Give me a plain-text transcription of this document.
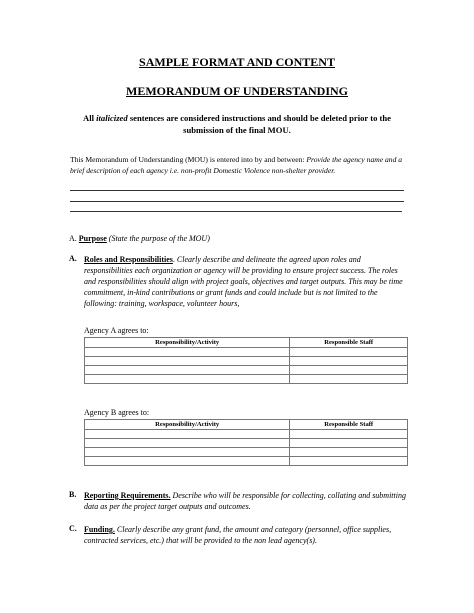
SAMPLE FORMAT AND CONTENT
MEMORANDUM OF UNDERSTANDING
All italicized sentences are considered instructions and should be deleted prior to the submission of the final MOU.
This Memorandum of Understanding (MOU) is entered into by and between: Provide the agency name and a brief description of each agency i.e. non-profit Domestic Violence non-shelter provider.
A. Purpose (State the purpose of the MOU)
A. Roles and Responsibilities. Clearly describe and delineate the agreed upon roles and responsibilities each organization or agency will be providing to ensure project success. The roles and responsibilities should align with project goals, objectives and target outputs. This may be time commitment, in-kind contributions or grant funds and could include but is not limited to the following: training, workspace, volunteer hours,
Agency A agrees to:
Responsibility/Activity	Responsible Staff

Agency B agrees to:
Responsibility/Activity	Responsible Staff

B. Reporting Requirements. Describe who will be responsible for collecting, collating and submitting data as per the project target outputs and outcomes.
C. Funding. Clearly describe any grant fund, the amount and category (personnel, office supplies, contracted services, etc.) that will be provided to the non lead agency(s).
